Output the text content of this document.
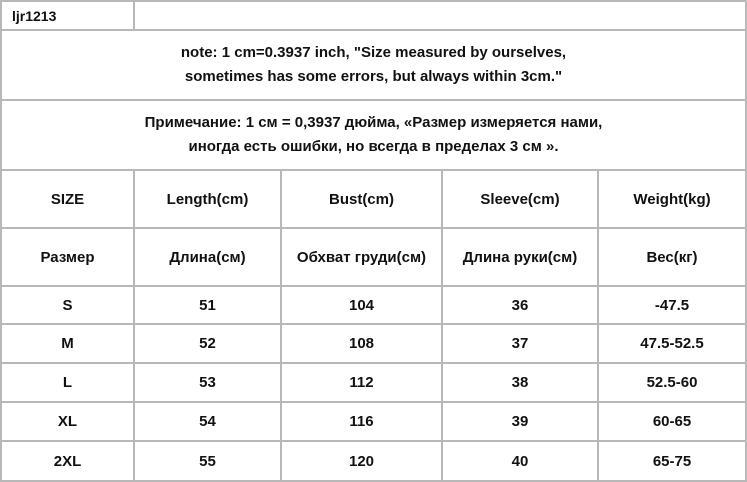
ljr1213
note: 1 cm=0.3937 inch, "Size measured by ourselves,
sometimes has some errors, but always within 3cm."
Примечание: 1 см = 0,3937 дюйма, «Размер измеряется нами,
иногда есть ошибки, но всегда в пределах 3 см ».
SIZE	Length(cm)	Bust(cm)	Sleeve(cm)	Weight(kg)
Размер	Длина(см)	Обхват груди(см)	Длина руки(см)	Вес(кг)
S	51	104	36	-47.5
M	52	108	37	47.5-52.5
L	53	112	38	52.5-60
XL	54	116	39	60-65
2XL	55	120	40	65-75
